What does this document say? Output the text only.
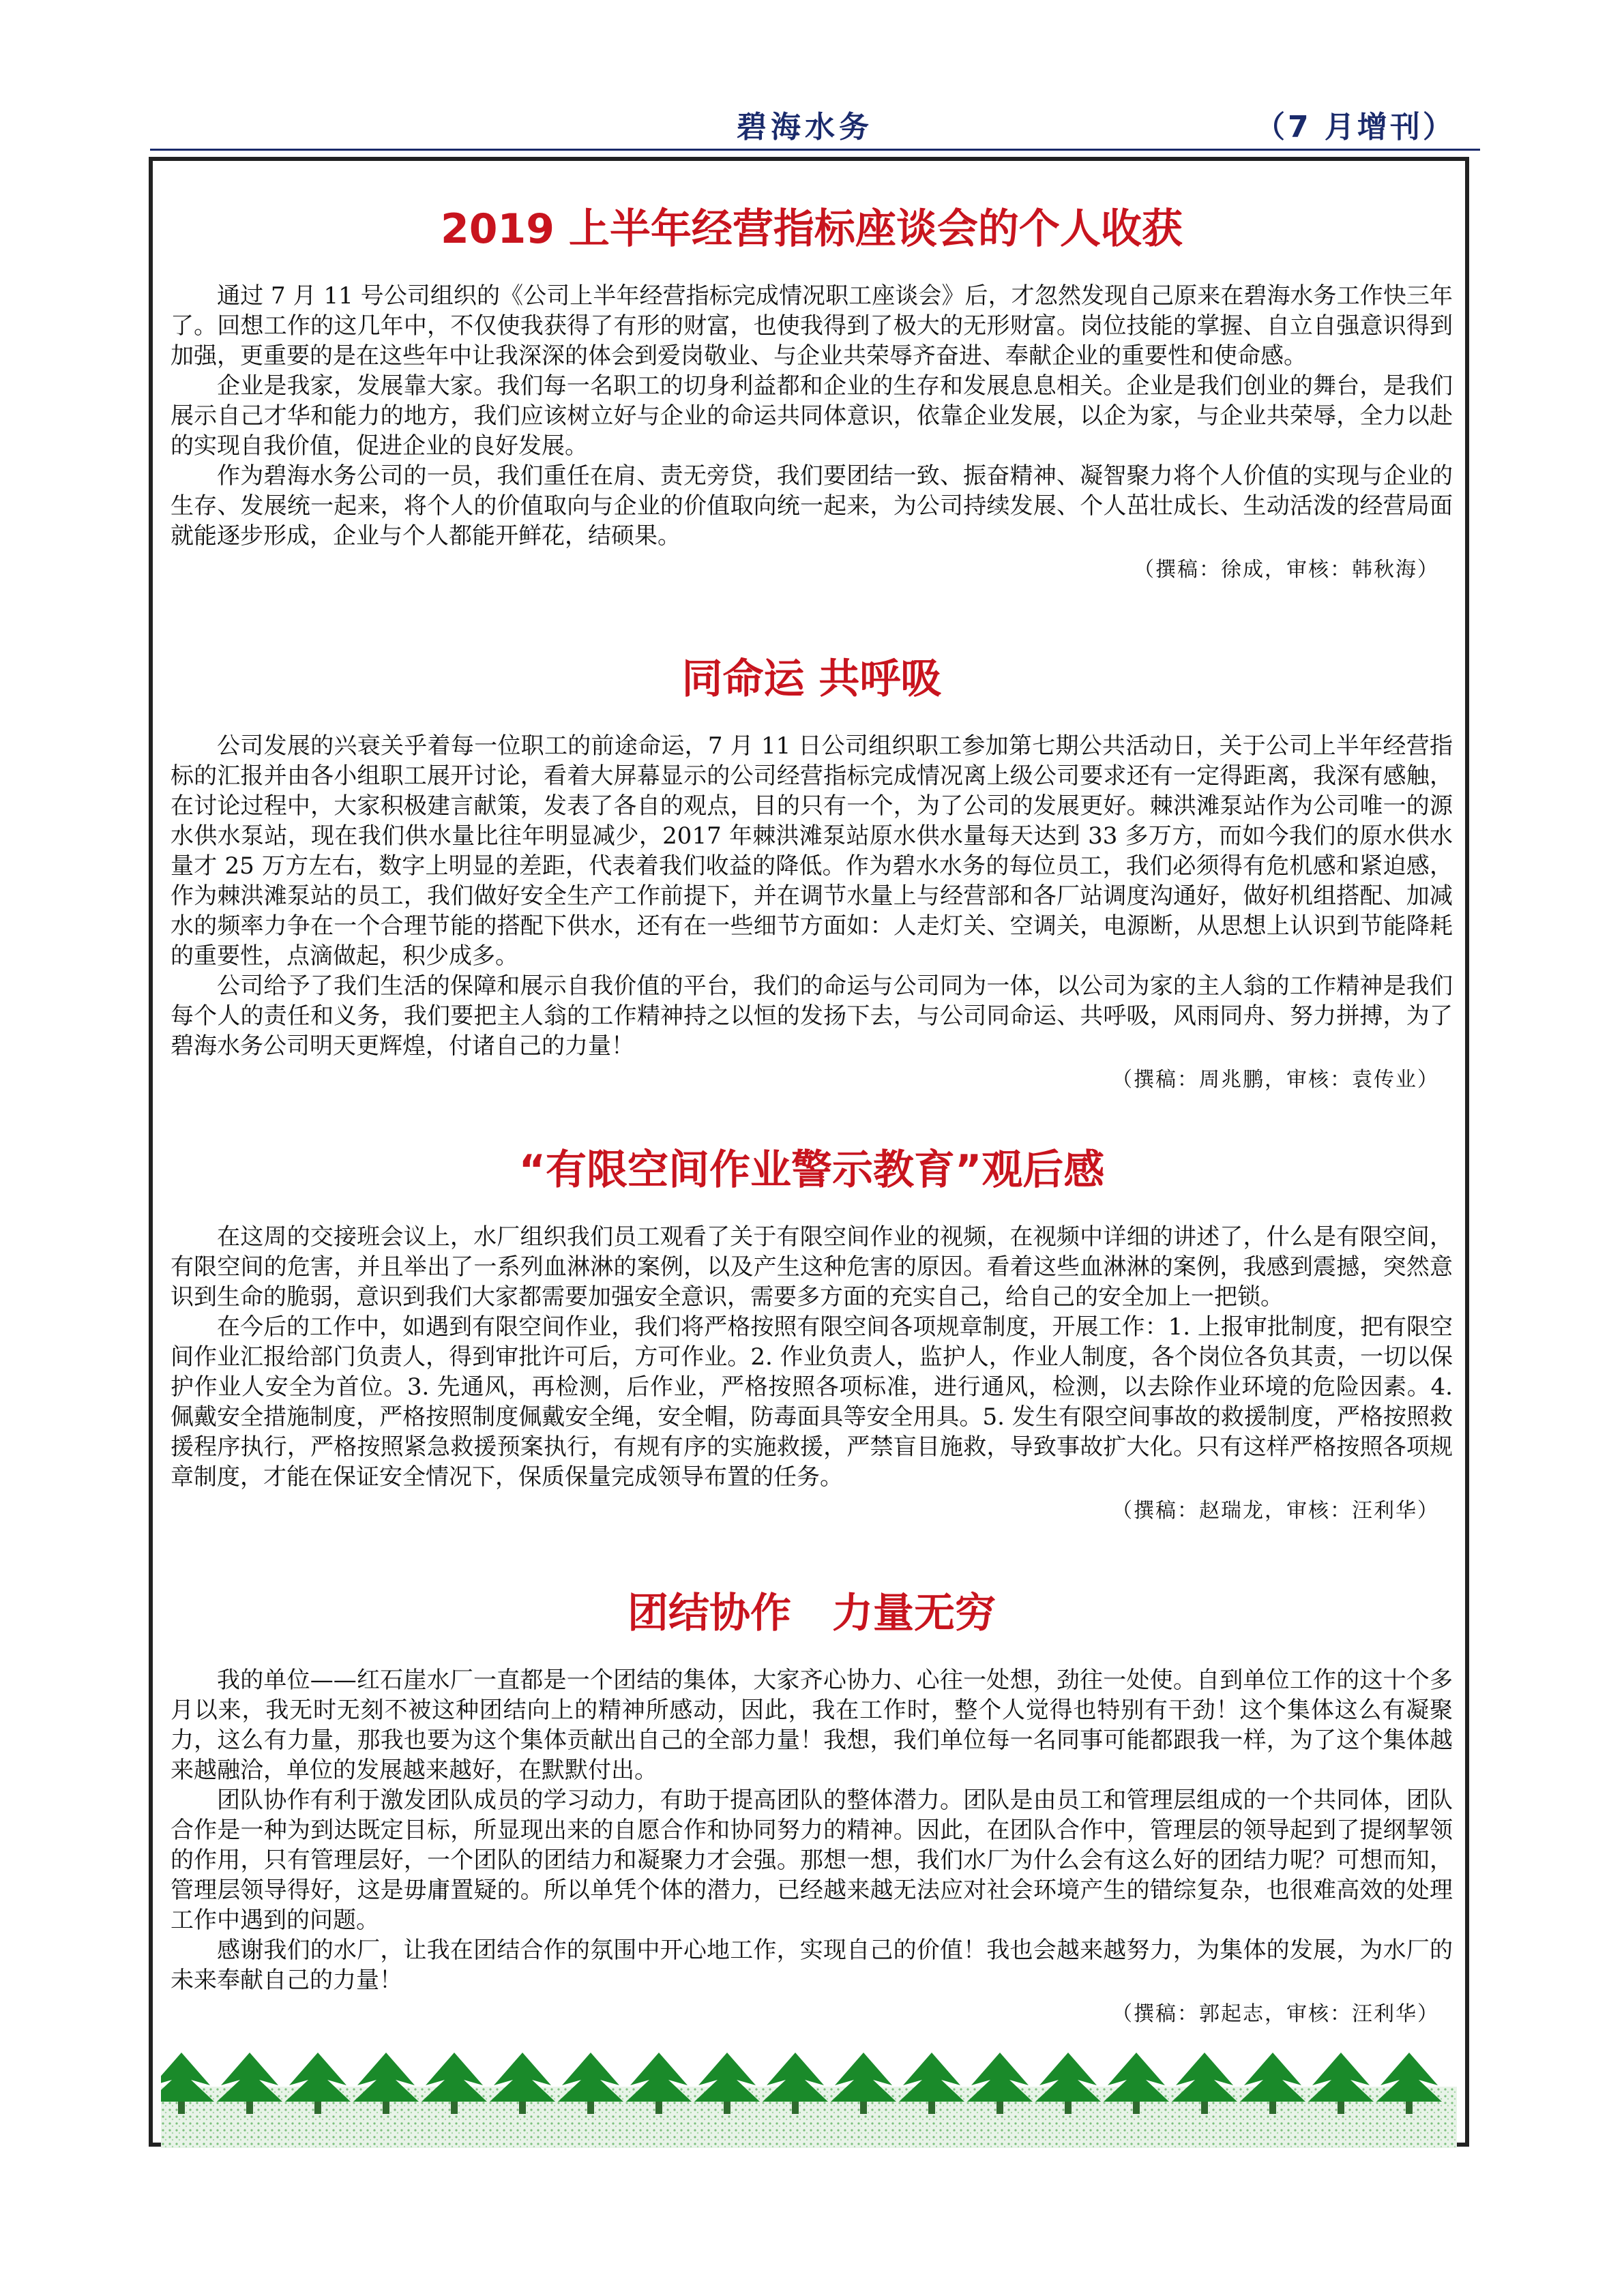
碧海水务	（7 月增刊）
2019 上半年经营指标座谈会的个人收获

通过 7 月 11 号公司组织的《公司上半年经营指标完成情况职工座谈会》后，才忽然发现自己原来在碧海水务工作快三年了。回想工作的这几年中，不仅使我获得了有形的财富，也使我得到了极大的无形财富。岗位技能的掌握、自立自强意识得到加强，更重要的是在这些年中让我深深的体会到爱岗敬业、与企业共荣辱齐奋进、奉献企业的重要性和使命感。

企业是我家，发展靠大家。我们每一名职工的切身利益都和企业的生存和发展息息相关。企业是我们创业的舞台，是我们展示自己才华和能力的地方，我们应该树立好与企业的命运共同体意识，依靠企业发展，以企为家，与企业共荣辱，全力以赴的实现自我价值，促进企业的良好发展。

作为碧海水务公司的一员，我们重任在肩、责无旁贷，我们要团结一致、振奋精神、凝智聚力将个人价值的实现与企业的生存、发展统一起来，将个人的价值取向与企业的价值取向统一起来，为公司持续发展、个人茁壮成长、生动活泼的经营局面就能逐步形成，企业与个人都能开鲜花，结硕果。

（撰稿：徐成，审核：韩秋海）
同命运 共呼吸

公司发展的兴衰关乎着每一位职工的前途命运，7 月 11 日公司组织职工参加第七期公共活动日，关于公司上半年经营指标的汇报并由各小组职工展开讨论，看着大屏幕显示的公司经营指标完成情况离上级公司要求还有一定得距离，我深有感触，在讨论过程中，大家积极建言献策，发表了各自的观点，目的只有一个，为了公司的发展更好。棘洪滩泵站作为公司唯一的源水供水泵站，现在我们供水量比往年明显减少，2017 年棘洪滩泵站原水供水量每天达到 33 多万方，而如今我们的原水供水量才 25 万方左右，数字上明显的差距，代表着我们收益的降低。作为碧水水务的每位员工，我们必须得有危机感和紧迫感，作为棘洪滩泵站的员工，我们做好安全生产工作前提下，并在调节水量上与经营部和各厂站调度沟通好，做好机组搭配、加减水的频率力争在一个合理节能的搭配下供水，还有在一些细节方面如：人走灯关、空调关，电源断，从思想上认识到节能降耗的重要性，点滴做起，积少成多。

公司给予了我们生活的保障和展示自我价值的平台，我们的命运与公司同为一体，以公司为家的主人翁的工作精神是我们每个人的责任和义务，我们要把主人翁的工作精神持之以恒的发扬下去，与公司同命运、共呼吸，风雨同舟、努力拼搏，为了碧海水务公司明天更辉煌，付诸自己的力量！

（撰稿：周兆鹏，审核：袁传业）
“有限空间作业警示教育”观后感

在这周的交接班会议上，水厂组织我们员工观看了关于有限空间作业的视频，在视频中详细的讲述了，什么是有限空间，有限空间的危害，并且举出了一系列血淋淋的案例，以及产生这种危害的原因。看着这些血淋淋的案例，我感到震撼，突然意识到生命的脆弱，意识到我们大家都需要加强安全意识，需要多方面的充实自己，给自己的安全加上一把锁。

在今后的工作中，如遇到有限空间作业，我们将严格按照有限空间各项规章制度，开展工作：1. 上报审批制度，把有限空间作业汇报给部门负责人，得到审批许可后，方可作业。2. 作业负责人，监护人，作业人制度，各个岗位各负其责，一切以保护作业人安全为首位。3. 先通风，再检测，后作业，严格按照各项标准，进行通风，检测，以去除作业环境的危险因素。4. 佩戴安全措施制度，严格按照制度佩戴安全绳，安全帽，防毒面具等安全用具。5. 发生有限空间事故的救援制度，严格按照救援程序执行，严格按照紧急救援预案执行，有规有序的实施救援，严禁盲目施救，导致事故扩大化。只有这样严格按照各项规章制度，才能在保证安全情况下，保质保量完成领导布置的任务。

（撰稿：赵瑞龙，审核：汪利华）
团结协作　力量无穷

我的单位——红石崖水厂一直都是一个团结的集体，大家齐心协力、心往一处想，劲往一处使。自到单位工作的这十个多月以来，我无时无刻不被这种团结向上的精神所感动，因此，我在工作时，整个人觉得也特别有干劲！这个集体这么有凝聚力，这么有力量，那我也要为这个集体贡献出自己的全部力量！我想，我们单位每一名同事可能都跟我一样，为了这个集体越来越融洽，单位的发展越来越好，在默默付出。

团队协作有利于激发团队成员的学习动力，有助于提高团队的整体潜力。团队是由员工和管理层组成的一个共同体，团队合作是一种为到达既定目标，所显现出来的自愿合作和协同努力的精神。因此，在团队合作中，管理层的领导起到了提纲挈领的作用，只有管理层好，一个团队的团结力和凝聚力才会强。那想一想，我们水厂为什么会有这么好的团结力呢？可想而知，管理层领导得好，这是毋庸置疑的。所以单凭个体的潜力，已经越来越无法应对社会环境产生的错综复杂，也很难高效的处理工作中遇到的问题。

感谢我们的水厂，让我在团结合作的氛围中开心地工作，实现自己的价值！我也会越来越努力，为集体的发展，为水厂的未来奉献自己的力量！

（撰稿：郭起志，审核：汪利华）
